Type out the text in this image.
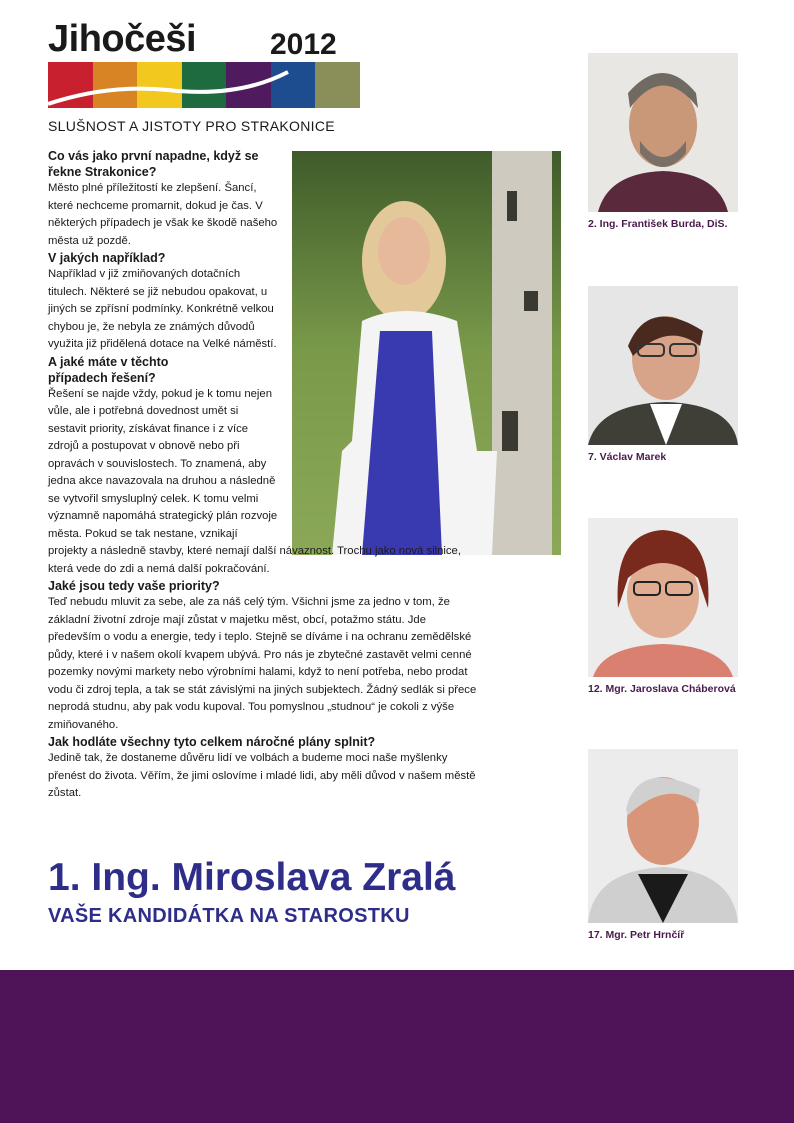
Jihočeši 2012
SLUŠNOST A JISTOTY PRO STRAKONICE

Co vás jako první napadne, když se řekne Strakonice?

Město plné příležitostí ke zlepšení. Šancí, které nechceme promarnit, dokud je čas. V některých případech je však ke škodě našeho města už pozdě.

V jakých například?

Například v již zmiňovaných dotačních titulech. Některé se již nebudou opakovat, u jiných se zpřísní podmínky. Konkrétně velkou chybou je, že nebyla ze známých důvodů využita již přidělená dotace na Velké náměstí.

A jaké máte v těchto případech řešení?

Řešení se najde vždy, pokud je k tomu nejen vůle, ale i potřebná dovednost umět si sestavit priority, získávat finance i z více zdrojů a postupovat v obnově nebo při opravách v souvislostech. To znamená, aby jedna akce navazovala na druhou a následně se vytvořil smysluplný celek. K tomu velmi významně napomáhá strategický plán rozvoje města. Pokud se tak nestane, vznikají

projekty a následně stavby, které nemají další návaznost. Trochu jako nová silnice, která vede do zdi a nemá další pokračování.

Jaké jsou tedy vaše priority?

Teď nebudu mluvit za sebe, ale za náš celý tým. Všichni jsme za jedno v tom, že základní životní zdroje mají zůstat v majetku měst, obcí, potažmo státu. Jde především o vodu a energie, tedy i teplo. Stejně se díváme i na ochranu zemědělské půdy, které i v našem okolí kvapem ubývá. Pro nás je zbytečné zastavět velmi cenné pozemky novými markety nebo výrobními halami, když to není potřeba, nebo prodat vodu či zdroj tepla, a tak se stát závislými na jiných subjektech. Žádný sedlák si přece neprodá studnu, aby pak vodu kupoval. Tou pomyslnou „studnou“ je cokoli z výše zmiňovaného.

Jak hodláte všechny tyto celkem náročné plány splnit?

Jedině tak, že dostaneme důvěru lidí ve volbách a budeme moci naše myšlenky přenést do života. Věřím, že jimi oslovíme i mladé lidi, aby měli důvod v našem městě zůstat.

1. Ing. Miroslava Zralá
VAŠE KANDIDÁTKA NA STAROSTKU
2. Ing. František Burda, DiS.
7. Václav Marek
12. Mgr. Jaroslava Cháberová
17. Mgr. Petr Hrnčíř
